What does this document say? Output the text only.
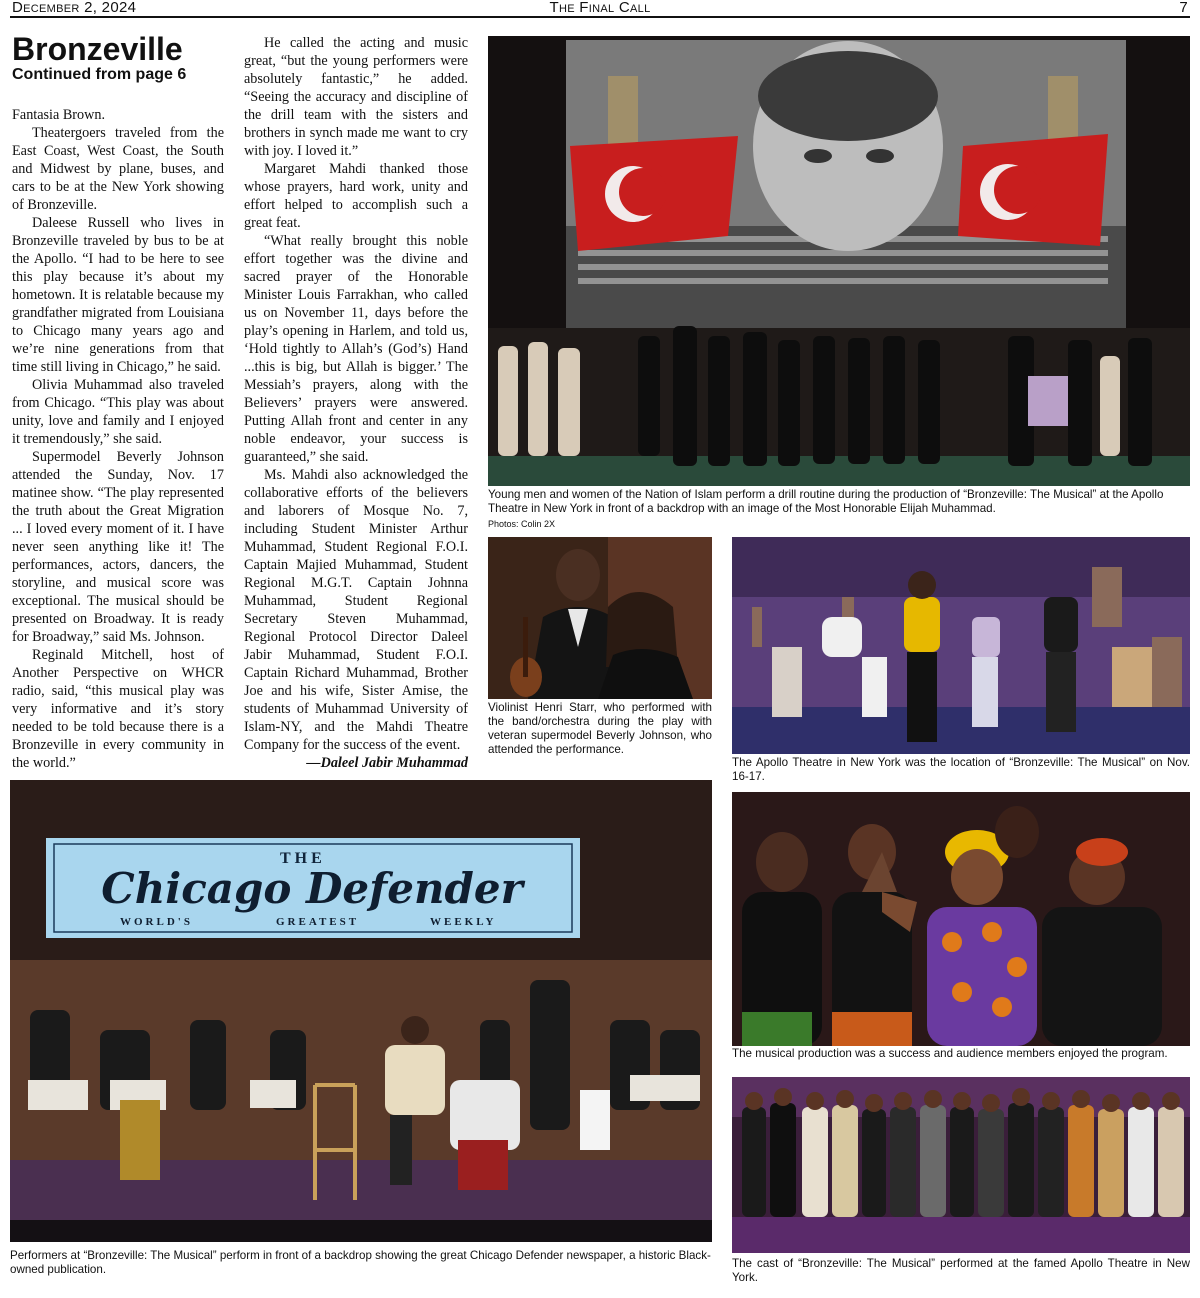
December 2, 2024	The Final Call	7
Bronzeville
Continued from page 6

Fantasia Brown.

Theatergoers traveled from the East Coast, West Coast, the South and Midwest by plane, buses, and cars to be at the New York showing of Bronzeville.

Daleese Russell who lives in Bronzeville traveled by bus to be at the Apollo. “I had to be here to see this play because it’s about my hometown. It is relatable because my grandfather migrated from Louisiana to Chicago many years ago and we’re nine generations from that time still living in Chicago,” he said.

Olivia Muhammad also traveled from Chicago. “This play was about unity, love and family and I enjoyed it tremendously,” she said.

Supermodel Beverly Johnson attended the Sunday, Nov. 17 matinee show. “The play represented the truth about the Great Migration ... I loved every moment of it. I have never seen anything like it! The performances, actors, dancers, the storyline, and musical score was exceptional. The musical should be presented on Broadway. It is ready for Broadway,” said Ms. Johnson.

Reginald Mitchell, host of Another Perspective on WHCR radio, said, “this musical play was very informative and it’s story needed to be told because there is a Bronzeville in every community in the world.”

He called the acting and music great, “but the young performers were absolutely fantastic,” he added. “Seeing the accuracy and discipline of the drill team with the sisters and brothers in synch made me want to cry with joy. I loved it.”

Margaret Mahdi thanked those whose prayers, hard work, unity and effort helped to accomplish such a great feat.

“What really brought this noble effort together was the divine and sacred prayer of the Honorable Minister Louis Farrakhan, who called us on November 11, days before the play’s opening in Harlem, and told us, ‘Hold tightly to Allah’s (God’s) Hand ...this is big, but Allah is bigger.’ The Messiah’s prayers, along with the Believers’ prayers were answered. Putting Allah front and center in any noble endeavor, your success is guaranteed,” she said.

Ms. Mahdi also acknowledged the collaborative efforts of the believers and laborers of Mosque No. 7, including Student Minister Arthur Muhammad, Student Regional F.O.I. Captain Majied Muhammad, Student Regional M.G.T. Captain Johnna Muhammad, Student Regional Secretary Steven Muhammad, Regional Protocol Director Daleel Jabir Muhammad, Student F.O.I. Captain Richard Muhammad, Brother Joe and his wife, Sister Amise, the students of Muhammad University of Islam-NY, and the Mahdi Theatre Company for the success of the event.

—Daleel Jabir Muhammad

Young men and women of the Nation of Islam perform a drill routine during the production of “Bronzeville: The Musical” at the Apollo Theatre in New York in front of a backdrop with an image of the Most Honorable Elijah Muhammad.
Photos: Colin 2X
Violinist Henri Starr, who performed with the band/orchestra during the play with veteran supermodel Beverly Johnson, who attended the performance.
The Apollo Theatre in New York was the location of “Bronzeville: The Musical” on Nov. 16-17.
THE
Chicago Defender
WORLD'S	GREATEST	WEEKLY
Performers at “Bronzeville: The Musical” perform in front of a backdrop showing the great Chicago Defender newspaper, a historic Black-owned publication.
The musical production was a success and audience members enjoyed the program.
The cast of “Bronzeville: The Musical” performed at the famed Apollo Theatre in New York.
